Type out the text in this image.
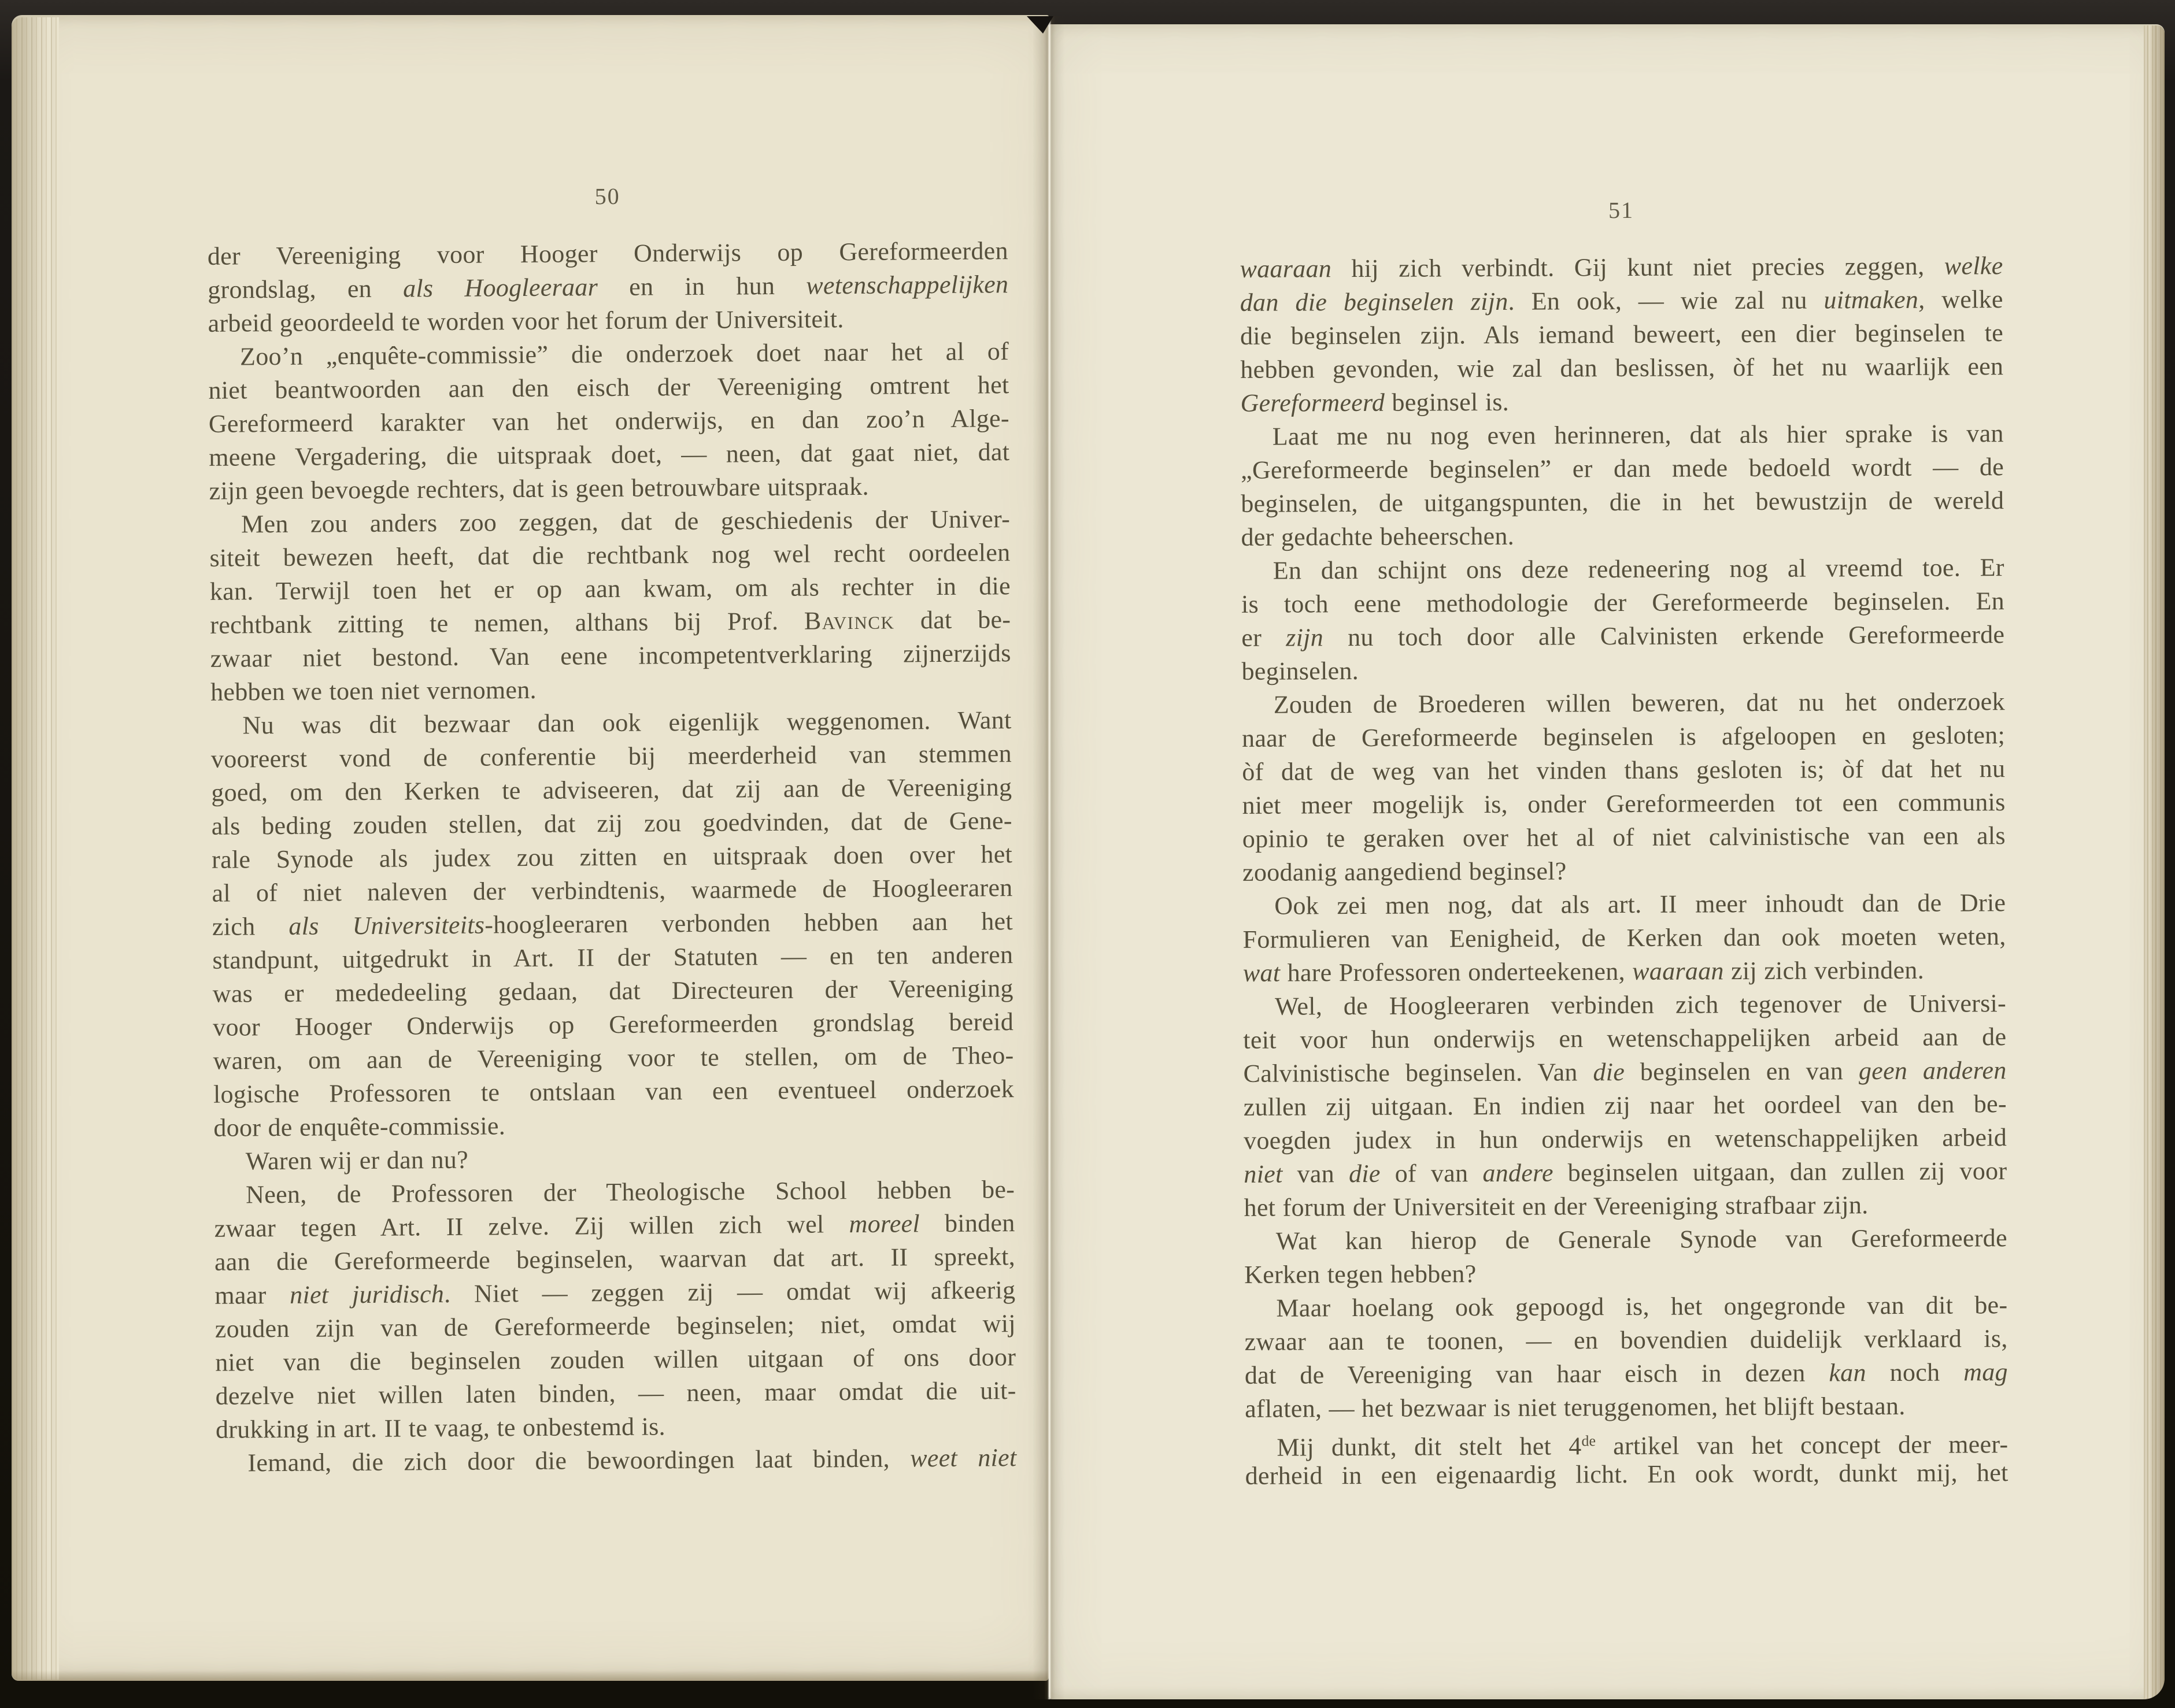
50
der Vereeniging voor Hooger Onderwijs op Gereformeerden
grondslag, en als Hoogleeraar en in hun wetenschappelijken
arbeid geoordeeld te worden voor het forum der Universiteit.
Zoo’n „enquête-commissie” die onderzoek doet naar het al of
niet beantwoorden aan den eisch der Vereeniging omtrent het
Gereformeerd karakter van het onderwijs, en dan zoo’n Alge-
meene Vergadering, die uitspraak doet, — neen, dat gaat niet, dat
zijn geen bevoegde rechters, dat is geen betrouwbare uitspraak.
Men zou anders zoo zeggen, dat de geschiedenis der Univer-
siteit bewezen heeft, dat die rechtbank nog wel recht oordeelen
kan. Terwijl toen het er op aan kwam, om als rechter in die
rechtbank zitting te nemen, althans bij Prof. Bavinck dat be-
zwaar niet bestond. Van eene incompetentverklaring zijnerzijds
hebben we toen niet vernomen.
Nu was dit bezwaar dan ook eigenlijk weggenomen. Want
vooreerst vond de conferentie bij meerderheid van stemmen
goed, om den Kerken te adviseeren, dat zij aan de Vereeniging
als beding zouden stellen, dat zij zou goedvinden, dat de Gene-
rale Synode als judex zou zitten en uitspraak doen over het
al of niet naleven der verbindtenis, waarmede de Hoogleeraren
zich als Universiteits-hoogleeraren verbonden hebben aan het
standpunt, uitgedrukt in Art. II der Statuten — en ten anderen
was er mededeeling gedaan, dat Directeuren der Vereeniging
voor Hooger Onderwijs op Gereformeerden grondslag bereid
waren, om aan de Vereeniging voor te stellen, om de Theo-
logische Professoren te ontslaan van een eventueel onderzoek
door de enquête-commissie.
Waren wij er dan nu?
Neen, de Professoren der Theologische School hebben be-
zwaar tegen Art. II zelve. Zij willen zich wel moreel binden
aan die Gereformeerde beginselen, waarvan dat art. II spreekt,
maar niet juridisch. Niet — zeggen zij — omdat wij afkeerig
zouden zijn van de Gereformeerde beginselen; niet, omdat wij
niet van die beginselen zouden willen uitgaan of ons door
dezelve niet willen laten binden, — neen, maar omdat die uit-
drukking in art. II te vaag, te onbestemd is.
Iemand, die zich door die bewoordingen laat binden, weet niet
51
waaraan hij zich verbindt. Gij kunt niet precies zeggen, welke
dan die beginselen zijn. En ook, — wie zal nu uitmaken, welke
die beginselen zijn. Als iemand beweert, een dier beginselen te
hebben gevonden, wie zal dan beslissen, òf het nu waarlijk een
Gereformeerd beginsel is.
Laat me nu nog even herinneren, dat als hier sprake is van
„Gereformeerde beginselen” er dan mede bedoeld wordt — de
beginselen, de uitgangspunten, die in het bewustzijn de wereld
der gedachte beheerschen.
En dan schijnt ons deze redeneering nog al vreemd toe. Er
is toch eene methodologie der Gereformeerde beginselen. En
er zijn nu toch door alle Calvinisten erkende Gereformeerde
beginselen.
Zouden de Broederen willen beweren, dat nu het onderzoek
naar de Gereformeerde beginselen is afgeloopen en gesloten;
òf dat de weg van het vinden thans gesloten is; òf dat het nu
niet meer mogelijk is, onder Gereformeerden tot een communis
opinio te geraken over het al of niet calvinistische van een als
zoodanig aangediend beginsel?
Ook zei men nog, dat als art. II meer inhoudt dan de Drie
Formulieren van Eenigheid, de Kerken dan ook moeten weten,
wat hare Professoren onderteekenen, waaraan zij zich verbinden.
Wel, de Hoogleeraren verbinden zich tegenover de Universi-
teit voor hun onderwijs en wetenschappelijken arbeid aan de
Calvinistische beginselen. Van die beginselen en van geen anderen
zullen zij uitgaan. En indien zij naar het oordeel van den be-
voegden judex in hun onderwijs en wetenschappelijken arbeid
niet van die of van andere beginselen uitgaan, dan zullen zij voor
het forum der Universiteit en der Vereeniging strafbaar zijn.
Wat kan hierop de Generale Synode van Gereformeerde
Kerken tegen hebben?
Maar hoelang ook gepoogd is, het ongegronde van dit be-
zwaar aan te toonen, — en bovendien duidelijk verklaard is,
dat de Vereeniging van haar eisch in dezen kan noch mag
aflaten, — het bezwaar is niet teruggenomen, het blijft bestaan.
Mij dunkt, dit stelt het 4de artikel van het concept der meer-
derheid in een eigenaardig licht. En ook wordt, dunkt mij, het
